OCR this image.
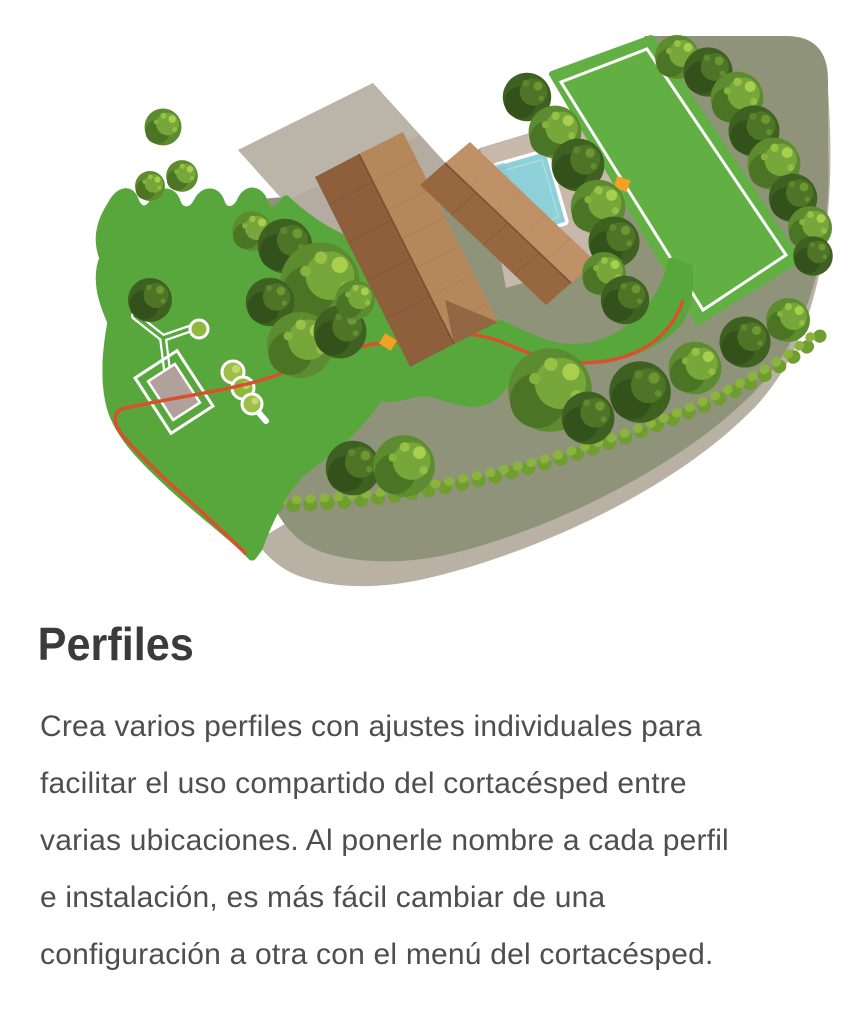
Perfiles
Crea varios perfiles con ajustes individuales para
facilitar el uso compartido del cortacésped entre
varias ubicaciones. Al ponerle nombre a cada perfil
e instalación, es más fácil cambiar de una
configuración a otra con el menú del cortacésped.
